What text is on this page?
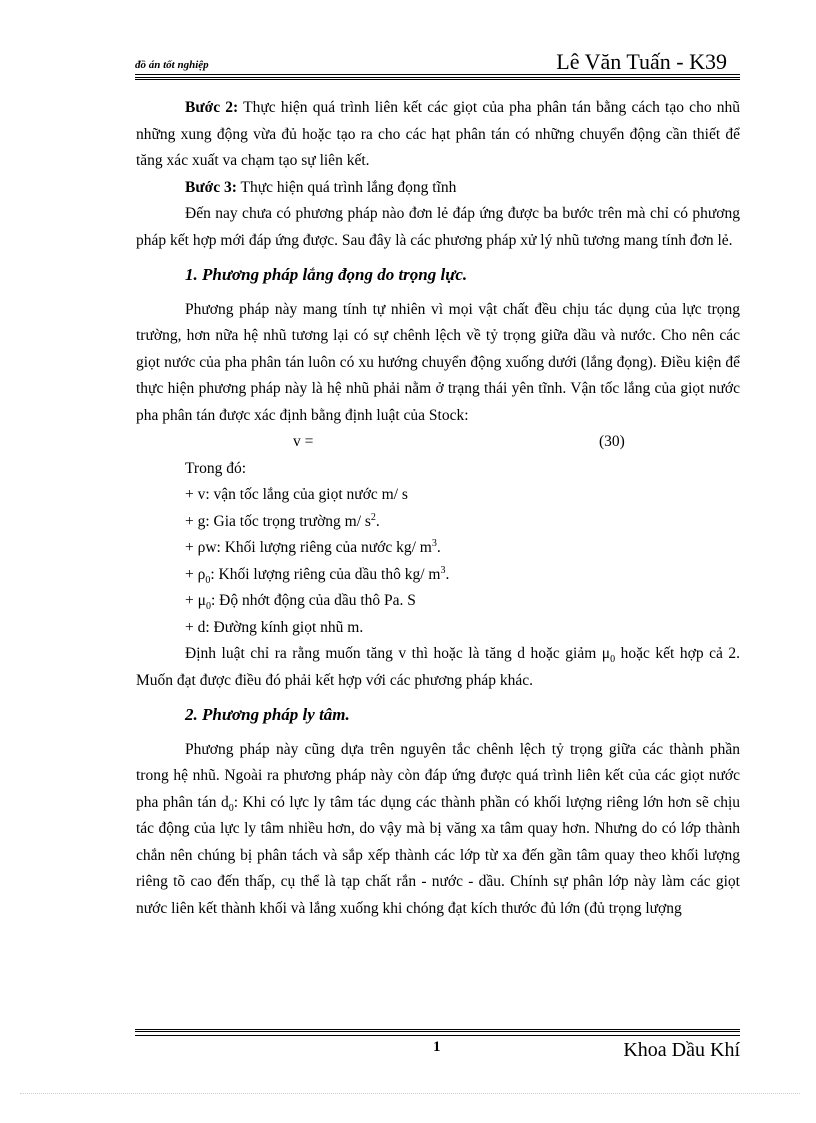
đồ án tốt nghiệp	Lê Văn Tuấn - K39

Bước 2: Thực hiện quá trình liên kết các giọt của pha phân tán bằng cách tạo cho nhũ những xung động vừa đủ hoặc tạo ra cho các hạt phân tán có những chuyển động cần thiết để tăng xác xuất va chạm tạo sự liên kết.

Bước 3: Thực hiện quá trình lắng đọng tĩnh

Đến nay chưa có phương pháp nào đơn lẻ đáp ứng được ba bước trên mà chỉ có phương pháp kết hợp mới đáp ứng được. Sau đây là các phương pháp xử lý nhũ tương mang tính đơn lẻ.

1. Phương pháp lắng đọng do trọng lực.

Phương pháp này mang tính tự nhiên vì mọi vật chất đều chịu tác dụng của lực trọng trường, hơn nữa hệ nhũ tương lại có sự chênh lệch về tỷ trọng giữa dầu và nước. Cho nên các giọt nước của pha phân tán luôn có xu hướng chuyển động xuống dưới (lắng đọng). Điều kiện để thực hiện phương pháp này là hệ nhũ phải nằm ở trạng thái yên tĩnh. Vận tốc lắng của giọt nước pha phân tán được xác định bằng định luật của Stock:

v =	(30)

Trong đó:

+ v: vận tốc lắng của giọt nước m/ s

+ g: Gia tốc trọng trường m/ $s^2$.

+ ρw: Khối lượng riêng của nước kg/ $m^3$.

+ $\rho_0$: Khối lượng riêng của dầu thô kg/ $m^3$.

+ $\mu_0$: Độ nhớt động của dầu thô Pa. S

+ d: Đường kính giọt nhũ m.

Định luật chỉ ra rằng muốn tăng v thì hoặc là tăng d hoặc giảm $\mu_0$ hoặc kết hợp cả 2. Muốn đạt được điều đó phải kết hợp với các phương pháp khác.

2. Phương pháp ly tâm.

Phương pháp này cũng dựa trên nguyên tắc chênh lệch tỷ trọng giữa các thành phần trong hệ nhũ. Ngoài ra phương pháp này còn đáp ứng được quá trình liên kết của các giọt nước pha phân tán $d_0$: Khi có lực ly tâm tác dụng các thành phần có khối lượng riêng lớn hơn sẽ chịu tác động của lực ly tâm nhiều hơn, do vậy mà bị văng xa tâm quay hơn. Nhưng do có lớp thành chắn nên chúng bị phân tách và sắp xếp thành các lớp từ xa đến gần tâm quay theo khối lượng riêng tõ cao đến thấp, cụ thể là tạp chất rắn - nước - dầu. Chính sự phân lớp này làm các giọt nước liên kết thành khối và lắng xuống khi chóng đạt kích thước đủ lớn (đủ trọng lượng

1	Khoa Dầu Khí
